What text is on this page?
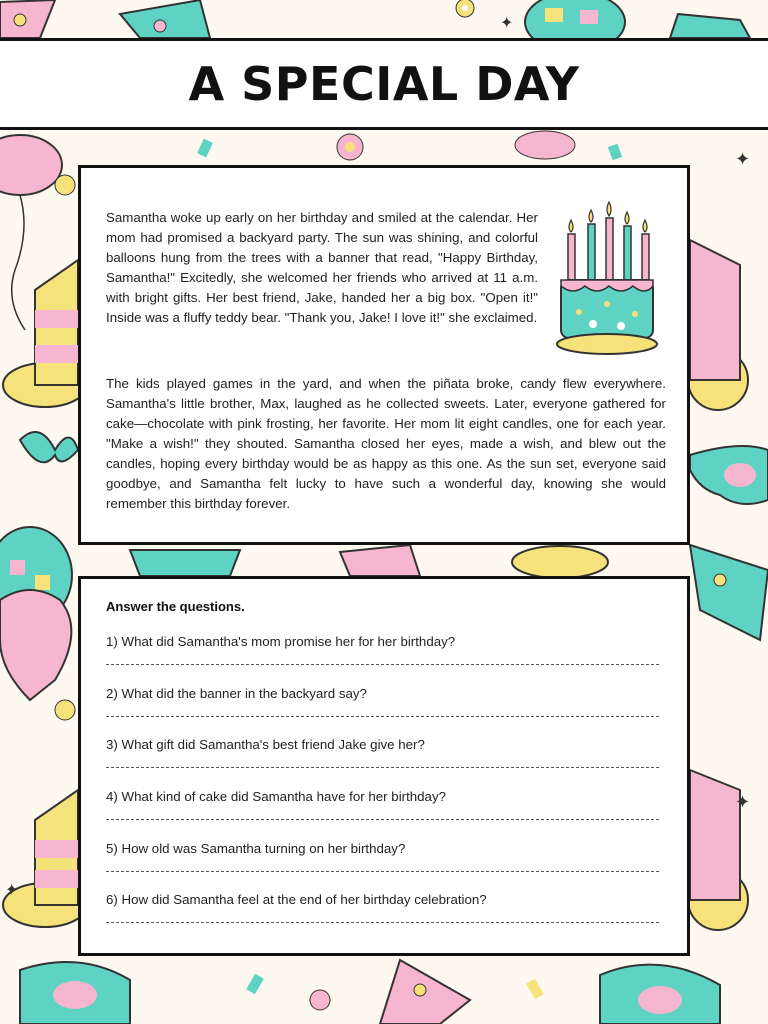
✦
✦
✦
✦
A SPECIAL DAY

Samantha woke up early on her birthday and smiled at the calendar. Her mom had promised a backyard party. The sun was shining, and colorful balloons hung from the trees with a banner that read, "Happy Birthday, Samantha!" Excitedly, she welcomed her friends who arrived at 11 a.m. with bright gifts. Her best friend, Jake, handed her a big box. "Open it!" Inside was a fluffy teddy bear. "Thank you, Jake! I love it!" she exclaimed.

The kids played games in the yard, and when the piñata broke, candy flew everywhere. Samantha's little brother, Max, laughed as he collected sweets. Later, everyone gathered for cake—chocolate with pink frosting, her favorite. Her mom lit eight candles, one for each year. "Make a wish!" they shouted. Samantha closed her eyes, made a wish, and blew out the candles, hoping every birthday would be as happy as this one. As the sun set, everyone said goodbye, and Samantha felt lucky to have such a wonderful day, knowing she would remember this birthday forever.

Answer the questions.
1) What did Samantha's mom promise her for her birthday?
2) What did the banner in the backyard say?
3) What gift did Samantha's best friend Jake give her?
4) What kind of cake did Samantha have for her birthday?
5) How old was Samantha turning on her birthday?
6) How did Samantha feel at the end of her birthday celebration?
